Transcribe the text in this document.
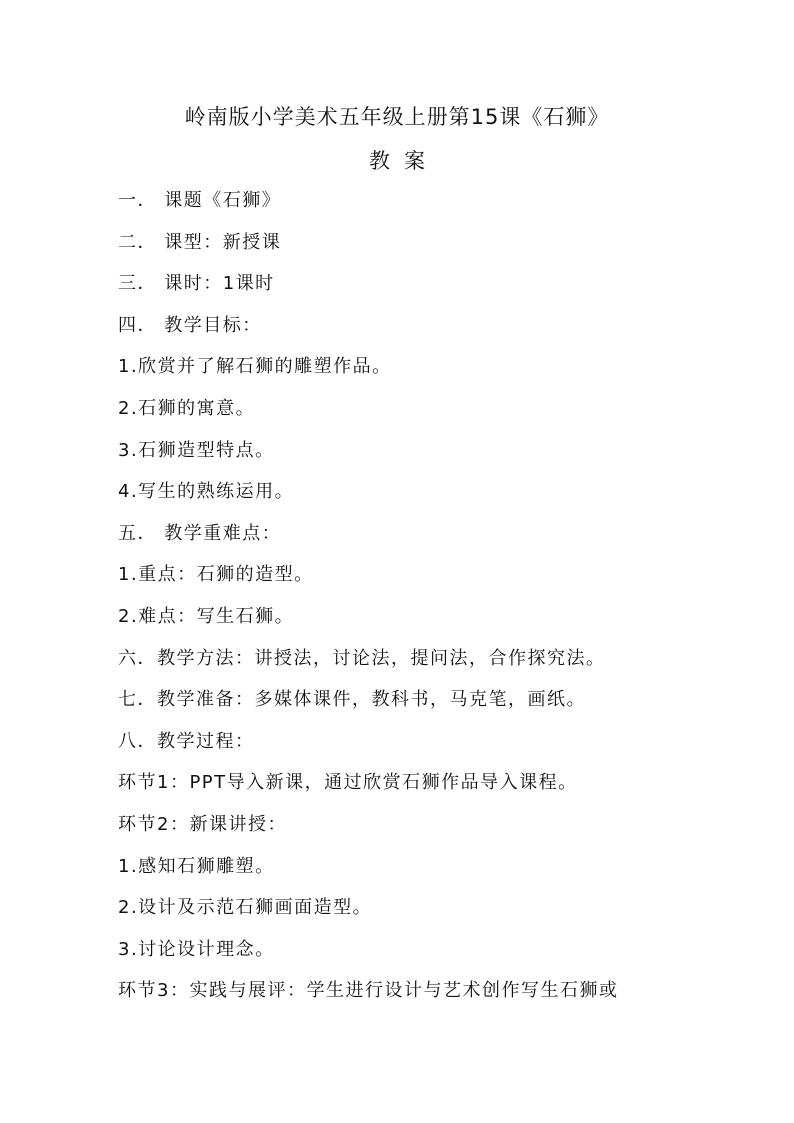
岭南版小学美术五年级上册第15课《石狮》
教案
一． 课题《石狮》
二． 课型：新授课
三． 课时：1课时
四． 教学目标：
1.欣赏并了解石狮的雕塑作品。
2.石狮的寓意。
3.石狮造型特点。
4.写生的熟练运用。
五． 教学重难点：
1.重点：石狮的造型。
2.难点：写生石狮。
六．教学方法：讲授法，讨论法，提问法，合作探究法。
七．教学准备：多媒体课件，教科书，马克笔，画纸。
八．教学过程：
环节1：PPT导入新课，通过欣赏石狮作品导入课程。
环节2：新课讲授：
1.感知石狮雕塑。
2.设计及示范石狮画面造型。
3.讨论设计理念。
环节3：实践与展评：学生进行设计与艺术创作写生石狮或
